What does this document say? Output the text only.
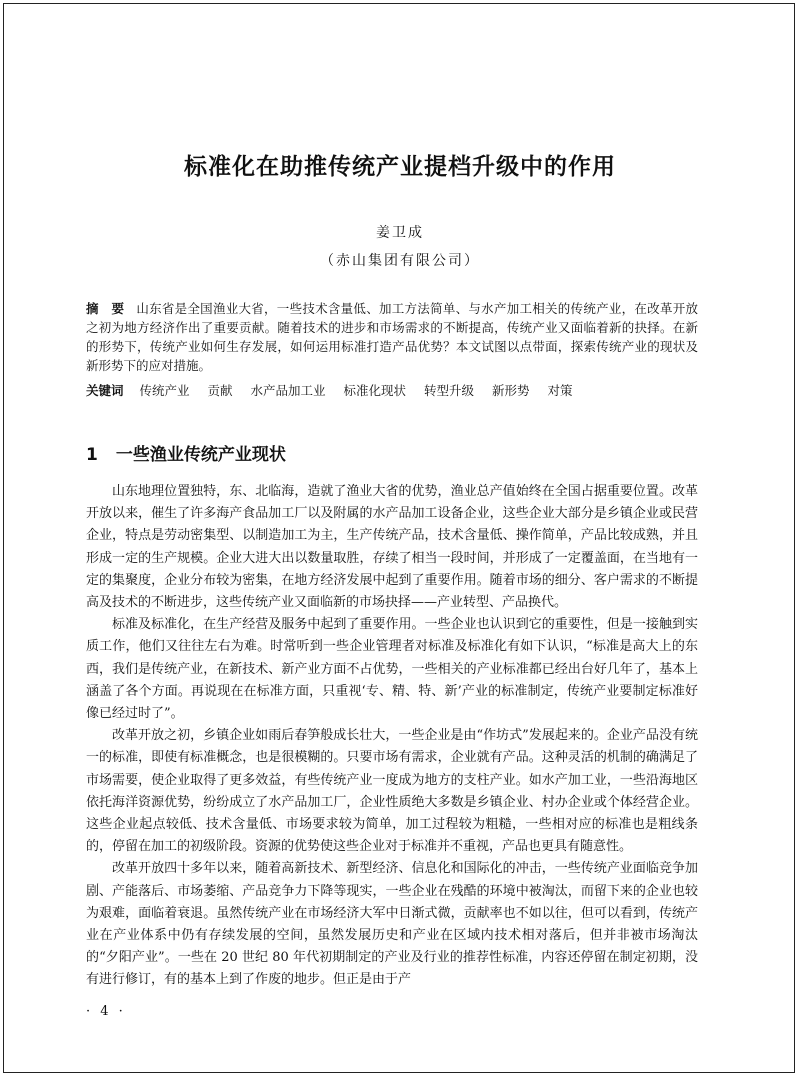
标准化在助推传统产业提档升级中的作用
姜卫成
（赤山集团有限公司）
摘　要 山东省是全国渔业大省，一些技术含量低、加工方法简单、与水产加工相关的传统产业，在改革开放之初为地方经济作出了重要贡献。随着技术的进步和市场需求的不断提高，传统产业又面临着新的抉择。在新的形势下，传统产业如何生存发展，如何运用标准打造产品优势？本文试图以点带面，探索传统产业的现状及新形势下的应对措施。
关键词 传统产业 贡献 水产品加工业 标准化现状 转型升级 新形势 对策
1 一些渔业传统产业现状

山东地理位置独特，东、北临海，造就了渔业大省的优势，渔业总产值始终在全国占据重要位置。改革开放以来，催生了许多海产食品加工厂以及附属的水产品加工设备企业，这些企业大部分是乡镇企业或民营企业，特点是劳动密集型、以制造加工为主，生产传统产品，技术含量低、操作简单，产品比较成熟，并且形成一定的生产规模。企业大进大出以数量取胜，存续了相当一段时间，并形成了一定覆盖面，在当地有一定的集聚度，企业分布较为密集，在地方经济发展中起到了重要作用。随着市场的细分、客户需求的不断提高及技术的不断进步，这些传统产业又面临新的市场抉择——产业转型、产品换代。

标准及标准化，在生产经营及服务中起到了重要作用。一些企业也认识到它的重要性，但是一接触到实质工作，他们又往往左右为难。时常听到一些企业管理者对标准及标准化有如下认识，“标准是高大上的东西，我们是传统产业，在新技术、新产业方面不占优势，一些相关的产业标准都已经出台好几年了，基本上涵盖了各个方面。再说现在在标准方面，只重视‘专、精、特、新’产业的标准制定，传统产业要制定标准好像已经过时了”。

改革开放之初，乡镇企业如雨后春笋般成长壮大，一些企业是由“作坊式”发展起来的。企业产品没有统一的标准，即使有标准概念，也是很模糊的。只要市场有需求，企业就有产品。这种灵活的机制的确满足了市场需要，使企业取得了更多效益，有些传统产业一度成为地方的支柱产业。如水产加工业，一些沿海地区依托海洋资源优势，纷纷成立了水产品加工厂，企业性质绝大多数是乡镇企业、村办企业或个体经营企业。这些企业起点较低、技术含量低、市场要求较为简单，加工过程较为粗糙，一些相对应的标准也是粗线条的，停留在加工的初级阶段。资源的优势使这些企业对于标准并不重视，产品也更具有随意性。

改革开放四十多年以来，随着高新技术、新型经济、信息化和国际化的冲击，一些传统产业面临竞争加剧、产能落后、市场萎缩、产品竞争力下降等现实，一些企业在残酷的环境中被淘汰，而留下来的企业也较为艰难，面临着衰退。虽然传统产业在市场经济大军中日渐式微，贡献率也不如以往，但可以看到，传统产业在产业体系中仍有存续发展的空间，虽然发展历史和产业在区域内技术相对落后，但并非被市场淘汰的“夕阳产业”。一些在 20 世纪 80 年代初期制定的产业及行业的推荐性标准，内容还停留在制定初期，没有进行修订，有的基本上到了作废的地步。但正是由于产

· 4 ·
